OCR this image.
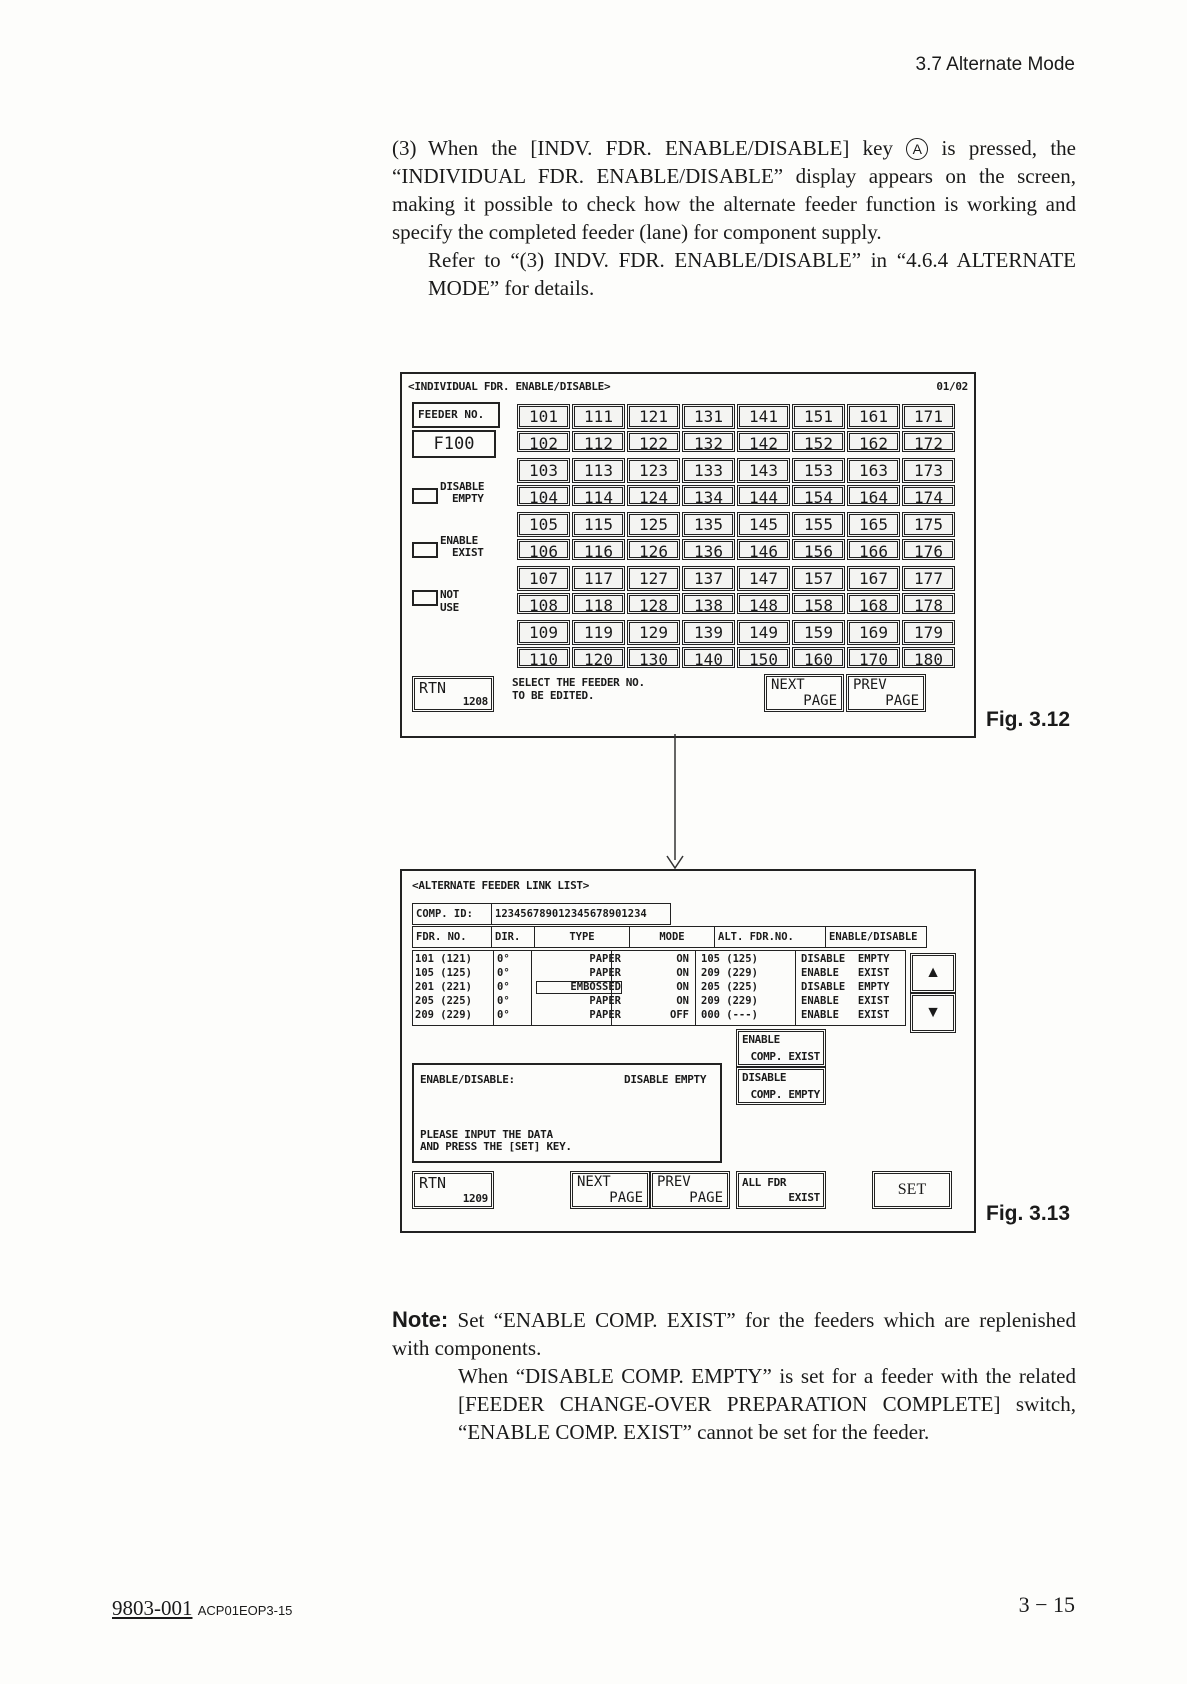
3.7 Alternate Mode

(3) When the [INDV. FDR. ENABLE/DISABLE] key A is pressed, the “INDIVIDUAL FDR. ENABLE/DISABLE” display appears on the screen, making it possible to check how the alternate feeder function is working and specify the completed feeder (lane) for component supply.

Refer to “(3) INDV. FDR. ENABLE/DISABLE” in “4.6.4 ALTERNATE MODE” for details.

<INDIVIDUAL FDR. ENABLE/DISABLE>	01/02
FEEDER NO.
F100
DISABLE
EMPTY
ENABLE
EXIST
NOT USE
101	111	121	131	141	151	161	171
102	112	122	132	142	152	162	172
103	113	123	133	143	153	163	173
104	114	124	134	144	154	164	174
105	115	125	135	145	155	165	175
106	116	126	136	146	156	166	176
107	117	127	137	147	157	167	177
108	118	128	138	148	158	168	178
109	119	129	139	149	159	169	179
110	120	130	140	150	160	170	180
RTN
1208
SELECT THE FEEDER NO.
TO BE EDITED.
NEXT
PAGE
PREV
PAGE
Fig. 3.12
<ALTERNATE FEEDER LINK LIST>
COMP. ID:	12345678901234567890123​4
FDR. NO.	DIR.	TYPE	MODE	ALT. FDR.NO.	ENABLE/DISABLE
101 (121)	0°	PAPER	ON 105 (125)	DISABLE  EMPTY
105 (125)	0°	PAPER	ON 209 (229)	ENABLE   EXIST
201 (221)	0°	EMBOSSED	ON 205 (225)	DISABLE  EMPTY
205 (225)	0°	PAPER	ON 209 (229)	ENABLE   EXIST
209 (229)	0°	PAPER	OFF 000 (---)	ENABLE   EXIST
▲
▼
ENABLE/DISABLE:	DISABLE EMPTY
PLEASE INPUT THE DATA
AND PRESS THE [SET] KEY.
ENABLE
COMP. EXIST
DISABLE
COMP. EMPTY
RTN
1209
NEXT
PAGE
PREV
PAGE
ALL FDR
EXIST	SET
Fig. 3.13

Note: Set “ENABLE COMP. EXIST” for the feeders which are replenished with components.

When “DISABLE COMP. EMPTY” is set for a feeder with the related [FEEDER CHANGE-OVER PREPARATION COMPLETE] switch, “ENABLE COMP. EXIST” cannot be set for the feeder.

9803-001 ACP01EOP3-15	3 − 15
